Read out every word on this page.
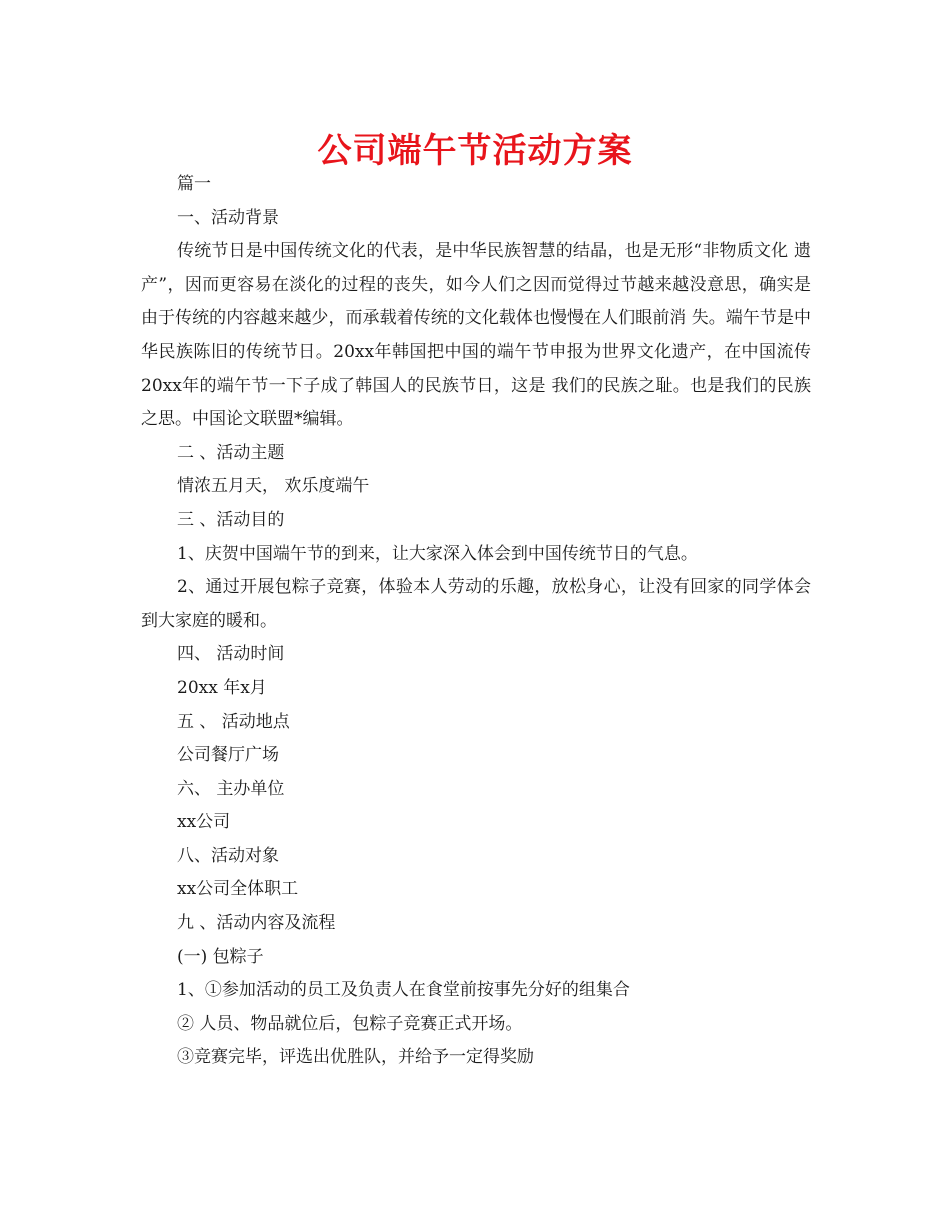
公司端午节活动方案

篇一

一、活动背景

传统节日是中国传统文化的代表，是中华民族智慧的结晶，也是无形“非物质文化 遗产”，因而更容易在淡化的过程的丧失，如今人们之因而觉得过节越来越没意思，确实是由于传统的内容越来越少，而承载着传统的文化载体也慢慢在人们眼前消 失。端午节是中华民族陈旧的传统节日。20xx年韩国把中国的端午节申报为世界文化遗产，在中国流传20xx年的端午节一下子成了韩国人的民族节日，这是 我们的民族之耻。也是我们的民族之思。中国论文联盟*编辑。

二 、活动主题

情浓五月天， 欢乐度端午

三 、活动目的

1、庆贺中国端午节的到来，让大家深入体会到中国传统节日的气息。

2、通过开展包粽子竞赛，体验本人劳动的乐趣，放松身心，让没有回家的同学体会到大家庭的暖和。

四、 活动时间

20xx 年x月

五 、 活动地点

公司餐厅广场

六、 主办单位

xx公司

八、活动对象

xx公司全体职工

九 、活动内容及流程

(一) 包粽子

1、①参加活动的员工及负责人在食堂前按事先分好的组集合

② 人员、物品就位后，包粽子竞赛正式开场。

③竞赛完毕，评选出优胜队，并给予一定得奖励
